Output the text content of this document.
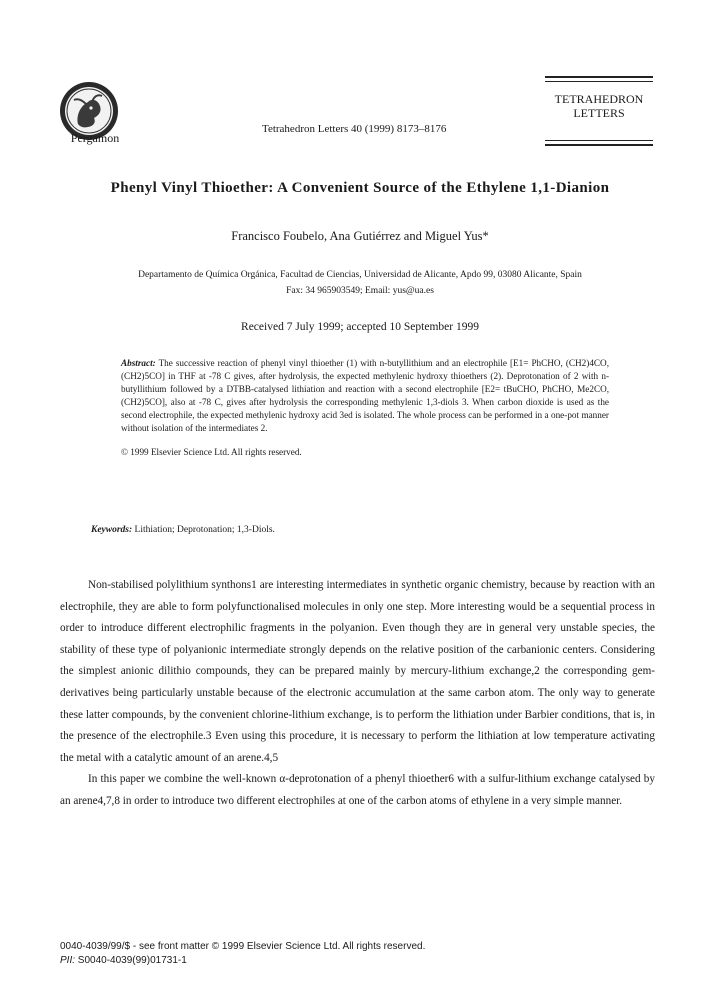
Pergamon
Tetrahedron Letters 40 (1999) 8173–8176
TETRAHEDRON
LETTERS
Phenyl Vinyl Thioether: A Convenient Source of the Ethylene 1,1-Dianion
Francisco Foubelo, Ana Gutiérrez and Miguel Yus*
Departamento de Química Orgánica, Facultad de Ciencias, Universidad de Alicante, Apdo 99, 03080 Alicante, Spain
Fax: 34 965903549; Email: yus@ua.es
Received 7 July 1999; accepted 10 September 1999
Abstract: The successive reaction of phenyl vinyl thioether (1) with n-butyllithium and an electrophile [E1= PhCHO, (CH2)4CO, (CH2)5CO] in THF at -78 C gives, after hydrolysis, the expected methylenic hydroxy thioethers (2). Deprotonation of 2 with n-butyllithium followed by a DTBB-catalysed lithiation and reaction with a second electrophile [E2= tBuCHO, PhCHO, Me2CO, (CH2)5CO], also at -78 C, gives after hydrolysis the corresponding methylenic 1,3-diols 3. When carbon dioxide is used as the second electrophile, the expected methylenic hydroxy acid 3ed is isolated. The whole process can be performed in a one-pot manner without isolation of the intermediates 2.
© 1999 Elsevier Science Ltd. All rights reserved.
Keywords: Lithiation; Deprotonation; 1,3-Diols.

Non-stabilised polylithium synthons1 are interesting intermediates in synthetic organic chemistry, because by reaction with an electrophile, they are able to form polyfunctionalised molecules in only one step. More interesting would be a sequential process in order to introduce different electrophilic fragments in the polyanion. Even though they are in general very unstable species, the stability of these type of polyanionic intermediate strongly depends on the relative position of the carbanionic centers. Considering the simplest anionic dilithio compounds, they can be prepared mainly by mercury-lithium exchange,2 the corresponding gem-derivatives being particularly unstable because of the electronic accumulation at the same carbon atom. The only way to generate these latter compounds, by the convenient chlorine-lithium exchange, is to perform the lithiation under Barbier conditions, that is, in the presence of the electrophile.3 Even using this procedure, it is necessary to perform the lithiation at low temperature activating the metal with a catalytic amount of an arene.4,5

In this paper we combine the well-known α-deprotonation of a phenyl thioether6 with a sulfur-lithium exchange catalysed by an arene4,7,8 in order to introduce two different electrophiles at one of the carbon atoms of ethylene in a very simple manner.

0040-4039/99/$ - see front matter © 1999 Elsevier Science Ltd. All rights reserved.
PII: S0040-4039(99)01731-1
